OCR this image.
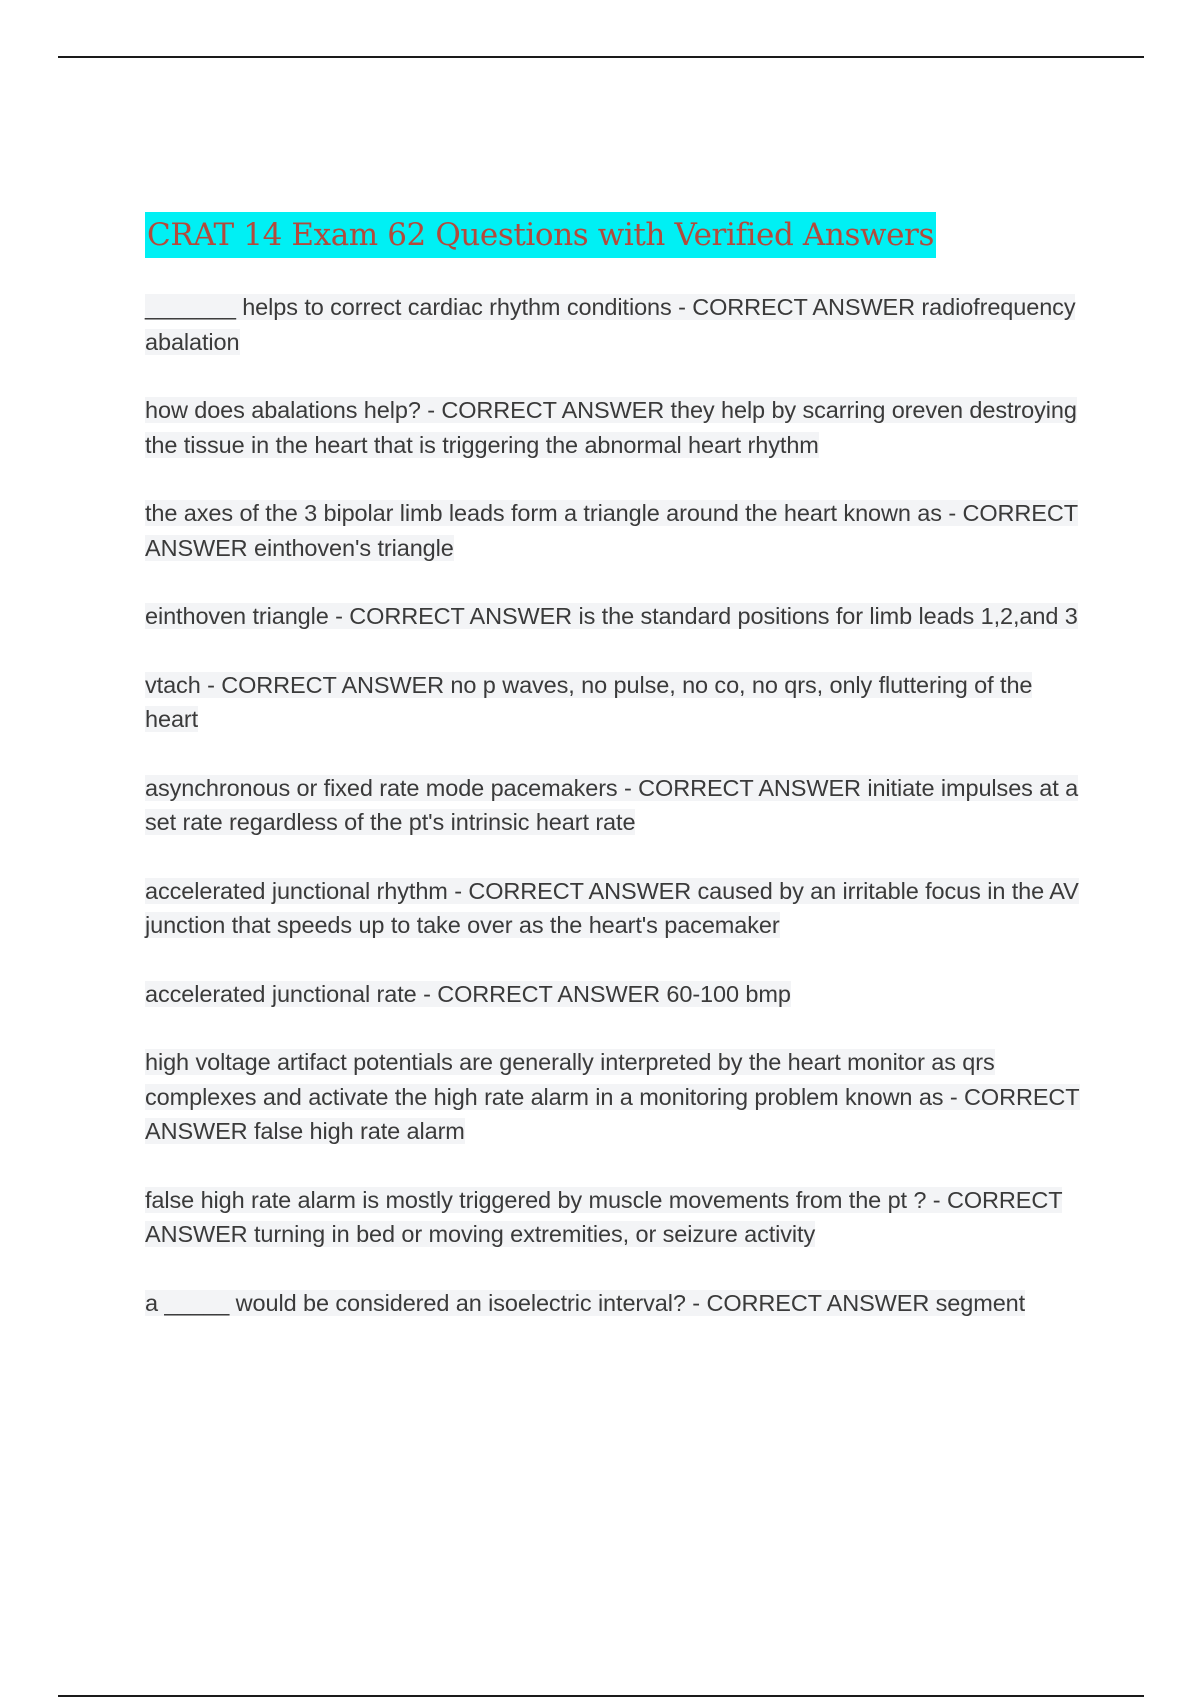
CRAT 14 Exam 62 Questions with Verified Answers
_______ helps to correct cardiac rhythm conditions - CORRECT ANSWER radiofrequency abalation
how does abalations help? - CORRECT ANSWER they help by scarring oreven destroying the tissue in the heart that is triggering the abnormal heart rhythm
the axes of the 3 bipolar limb leads form a triangle around the heart known as - CORRECT ANSWER einthoven's triangle
einthoven triangle - CORRECT ANSWER is the standard positions for limb leads 1,2,and 3
vtach - CORRECT ANSWER no p waves, no pulse, no co, no qrs, only fluttering of the heart
asynchronous or fixed rate mode pacemakers - CORRECT ANSWER initiate impulses at a set rate regardless of the pt's intrinsic heart rate
accelerated junctional rhythm - CORRECT ANSWER caused by an irritable focus in the AV junction that speeds up to take over as the heart's pacemaker
accelerated junctional rate - CORRECT ANSWER 60-100 bmp
high voltage artifact potentials are generally interpreted by the heart monitor as qrs complexes and activate the high rate alarm in a monitoring problem known as - CORRECT ANSWER false high rate alarm
false high rate alarm is mostly triggered by muscle movements from the pt ? - CORRECT ANSWER turning in bed or moving extremities, or seizure activity
a _____ would be considered an isoelectric interval? - CORRECT ANSWER segment
